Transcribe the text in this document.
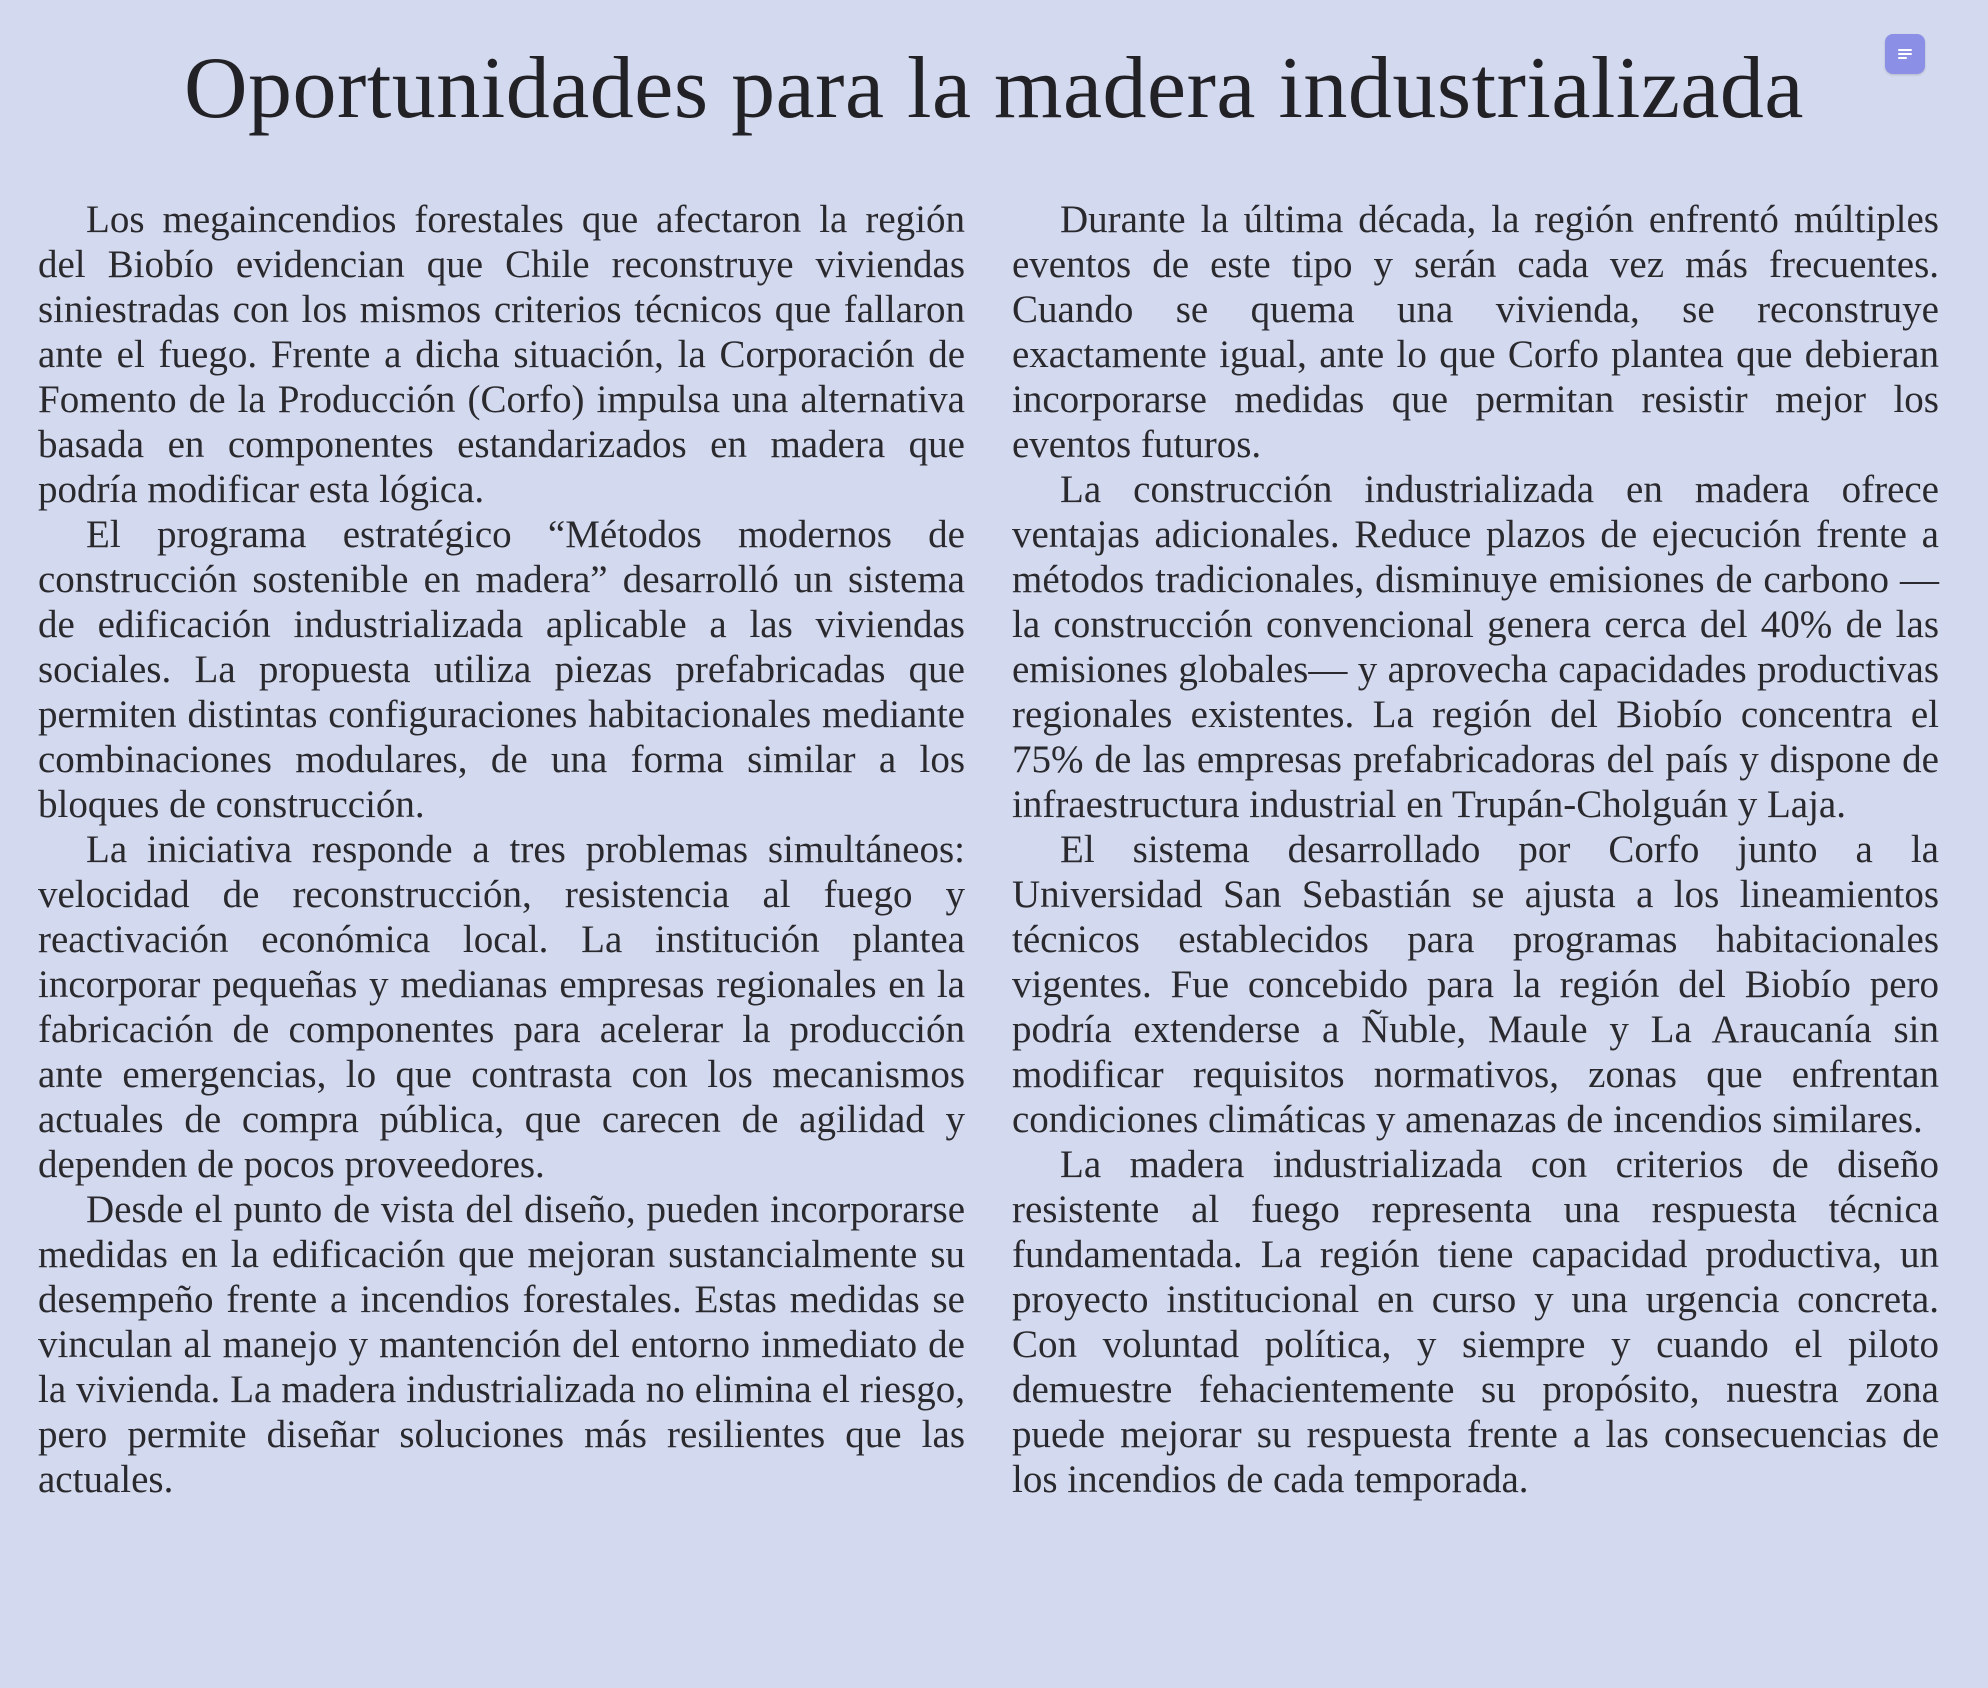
Oportunidades para la madera industrializada

Los megaincendios forestales que afectaron la región del Biobío evidencian que Chile reconstruye viviendas siniestradas con los mismos criterios técnicos que fallaron ante el fuego. Frente a dicha situación, la Corporación de Fomento de la Producción (Corfo) impulsa una alternativa basada en componentes estandarizados en madera que podría modificar esta lógica.

El programa estratégico “Métodos modernos de construcción sostenible en madera” desarrolló un sistema de edificación industrializada aplicable a las viviendas sociales. La propuesta utiliza piezas prefabricadas que permiten distintas configuraciones habitacionales mediante combinaciones modulares, de una forma similar a los bloques de construcción.

La iniciativa responde a tres problemas simultáneos: velocidad de reconstrucción, resistencia al fuego y reactivación económica local. La institución plantea incorporar pequeñas y medianas empresas regionales en la fabricación de componentes para acelerar la producción ante emergencias, lo que contrasta con los mecanismos actuales de compra pública, que carecen de agilidad y dependen de pocos proveedores.

Desde el punto de vista del diseño, pueden incorporarse medidas en la edificación que mejoran sustancialmente su desempeño frente a incendios forestales. Estas medidas se vinculan al manejo y mantención del entorno inmediato de la vivienda. La madera industrializada no elimina el riesgo, pero permite diseñar soluciones más resilientes que las actuales.

Durante la última década, la región enfrentó múltiples eventos de este tipo y serán cada vez más frecuentes. Cuando se quema una vivienda, se reconstruye exactamente igual, ante lo que Corfo plantea que debieran incorporarse medidas que permitan resistir mejor los eventos futuros.

La construcción industrializada en madera ofrece ventajas adicionales. Reduce plazos de ejecución frente a métodos tradicionales, disminuye emisiones de carbono —la construcción convencional genera cerca del 40% de las emisiones globales— y aprovecha capacidades productivas regionales existentes. La región del Biobío concentra el 75% de las empresas prefabricadoras del país y dispone de infraestructura industrial en Trupán-Cholguán y Laja.

El sistema desarrollado por Corfo junto a la Universidad San Sebastián se ajusta a los lineamientos técnicos establecidos para programas habitacionales vigentes. Fue concebido para la región del Biobío pero podría extenderse a Ñuble, Maule y La Araucanía sin modificar requisitos normativos, zonas que enfrentan condiciones climáticas y amenazas de incendios similares.

La madera industrializada con criterios de diseño resistente al fuego representa una respuesta técnica fundamentada. La región tiene capacidad productiva, un proyecto institucional en curso y una urgencia concreta. Con voluntad política, y siempre y cuando el piloto demuestre fehacientemente su propósito, nuestra zona puede mejorar su respuesta frente a las consecuencias de los incendios de cada temporada.
